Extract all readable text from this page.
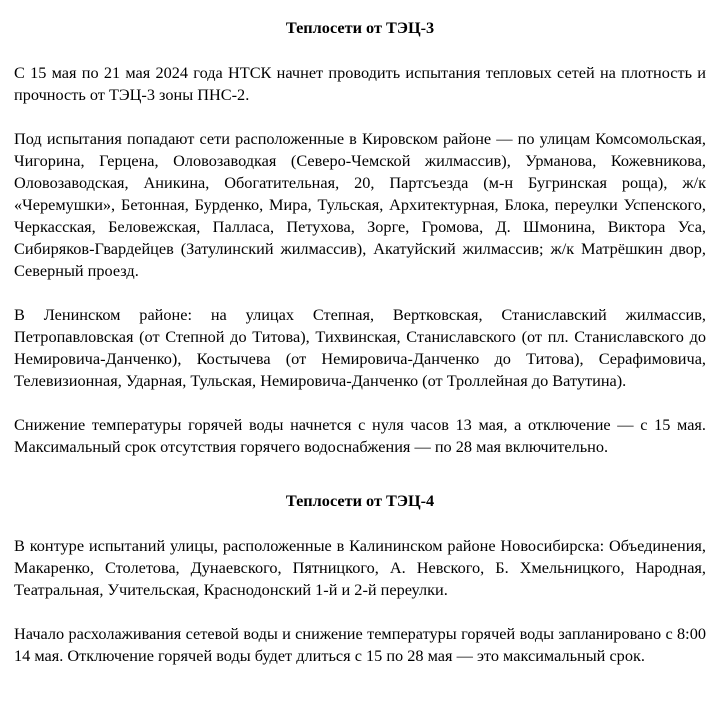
Теплосети от ТЭЦ-3

С 15 мая по 21 мая 2024 года НТСК начнет проводить испытания тепловых сетей на плотность и прочность от ТЭЦ-3 зоны ПНС-2.

Под испытания попадают сети расположенные в Кировском районе — по улицам Комсомольская, Чигорина, Герцена, Оловозаводкая (Северо-Чемской жилмассив), Урманова, Кожевникова, Оловозаводская, Аникина, Обогатительная, 20, Партсъезда (м-н Бугринская роща), ж/к «Черемушки», Бетонная, Бурденко, Мира, Тульская, Архитектурная, Блока, переулки Успенского, Черкасская, Беловежская, Палласа, Петухова, Зорге, Громова, Д. Шмонина, Виктора Уса, Сибиряков-Гвардейцев (Затулинский жилмассив), Акатуйский жилмассив; ж/к Матрёшкин двор, Северный проезд.

В Ленинском районе: на улицах Степная, Вертковская, Станиславский жилмассив, Петропавловская (от Степной до Титова), Тихвинская, Станиславского (от пл. Станиславского до Немировича-Данченко), Костычева (от Немировича-Данченко до Титова), Серафимовича, Телевизионная, Ударная, Тульская, Немировича-Данченко (от Троллейная до Ватутина).

Снижение температуры горячей воды начнется с нуля часов 13 мая, а отключение — с 15 мая. Максимальный срок отсутствия горячего водоснабжения — по 28 мая включительно.

Теплосети от ТЭЦ-4

В контуре испытаний улицы, расположенные в Калининском районе Новосибирска: Объединения, Макаренко, Столетова, Дунаевского, Пятницкого, А. Невского, Б. Хмельницкого, Народная, Театральная, Учительская, Краснодонский 1-й и 2-й переулки.

Начало расхолаживания сетевой воды и снижение температуры горячей воды запланировано с 8:00 14 мая. Отключение горячей воды будет длиться с 15 по 28 мая — это максимальный срок.
